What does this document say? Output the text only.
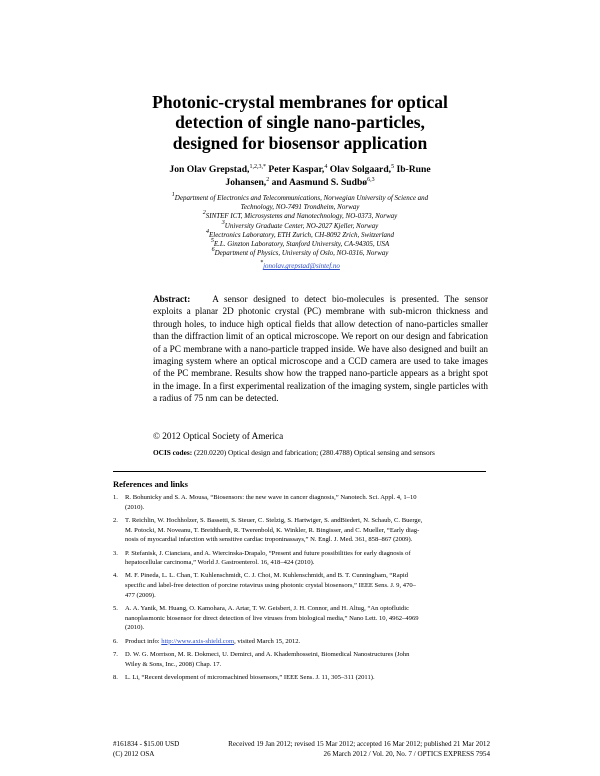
Photonic-crystal membranes for optical
detection of single nano-particles,
designed for biosensor application
Jon Olav Grepstad,$^{1,2,3,*}$ Peter Kaspar,$^4$ Olav Solgaard,$^5$ Ib-Rune
Johansen,$^2$ and Aasmund S. Sudbø$^{6,3}$
$^1$Department of Electronics and Telecommunications, Norwegian University of Science and
Technology, NO-7491 Trondheim, Norway
$^2$SINTEF ICT, Microsystems and Nanotechnology, NO-0373, Norway
$^3$University Graduate Center, NO-2027 Kjeller, Norway
$^4$Electronics Laboratory, ETH Zurich, CH-8092 Zrich, Switzerland
$^5$E.L. Ginzton Laboratory, Stanford University, CA-94305, USA
$^6$Department of Physics, University of Oslo, NO-0316, Norway
*jonolav.grepstad@sintef.no
Abstract: A sensor designed to detect bio-molecules is presented. The sensor exploits a planar 2D photonic crystal (PC) membrane with sub-micron thickness and through holes, to induce high optical fields that allow detection of nano-particles smaller than the diffraction limit of an optical microscope. We report on our design and fabrication of a PC membrane with a nano-particle trapped inside. We have also designed and built an imaging system where an optical microscope and a CCD camera are used to take images of the PC membrane. Results show how the trapped nano-particle appears as a bright spot in the image. In a first experimental realization of the imaging system, single particles with a radius of 75 nm can be detected.
© 2012 Optical Society of America
OCIS codes: (220.0220) Optical design and fabrication; (280.4788) Optical sensing and sensors
References and links
1. R. Bohunicky and S. A. Mousa, “Biosensors: the new wave in cancer diagnosis,” Nanotech. Sci. Appl. 4, 1–10
(2010).
2. T. Reichlin, W. Hochholzer, S. Bassetti, S. Steuer, C. Stelzig, S. Hartwiger, S. andBiedert, N. Schaub, C. Buerge,
M. Potocki, M. Noveanu, T. Breidthardt, R. Twerenbold, K. Winkler, R. Bingisser, and C. Mueller, “Early diag-
nosis of myocardial infarction with sensitive cardiac troponinassays,” N. Engl. J. Med. 361, 858–867 (2009).
3. P. Stefanisk, J. Cianciara, and A. Wiercinska-Drapalo, “Present and future possibilities for early diagnosis of
hepatocellular carcinoma,” World J. Gastroenterol. 16, 418–424 (2010).
4. M. F. Pineda, L. L. Chan, T. Kuhlenschmidt, C. J. Choi, M. Kuhlenschmidt, and B. T. Cunningham, “Rapid
specific and label-free detection of porcine rotavirus using photonic crystal biosensors,” IEEE Sens. J. 9, 470–
477 (2009).
5. A. A. Yanik, M. Huang, O. Kamohara, A. Artar, T. W. Geisbert, J. H. Connor, and H. Altug, “An optofluidic
nanoplasmonic biosensor for direct detection of live viruses from biological media,” Nano Lett. 10, 4962–4969
(2010).
6. Product info: http://www.axis-shield.com, visited March 15, 2012.
7. D. W. G. Morrison, M. R. Dokmeci, U. Demirci, and A. Khademhosseini, Biomedical Nanostructures (John
Wiley & Sons, Inc., 2008) Chap. 17.
8. L. Li, “Recent development of micromachined biosensors,” IEEE Sens. J. 11, 305–311 (2011).
#161834 - $15.00 USD	Received 19 Jan 2012; revised 15 Mar 2012; accepted 16 Mar 2012; published 21 Mar 2012
(C) 2012 OSA	26 March 2012 / Vol. 20, No. 7 / OPTICS EXPRESS 7954
